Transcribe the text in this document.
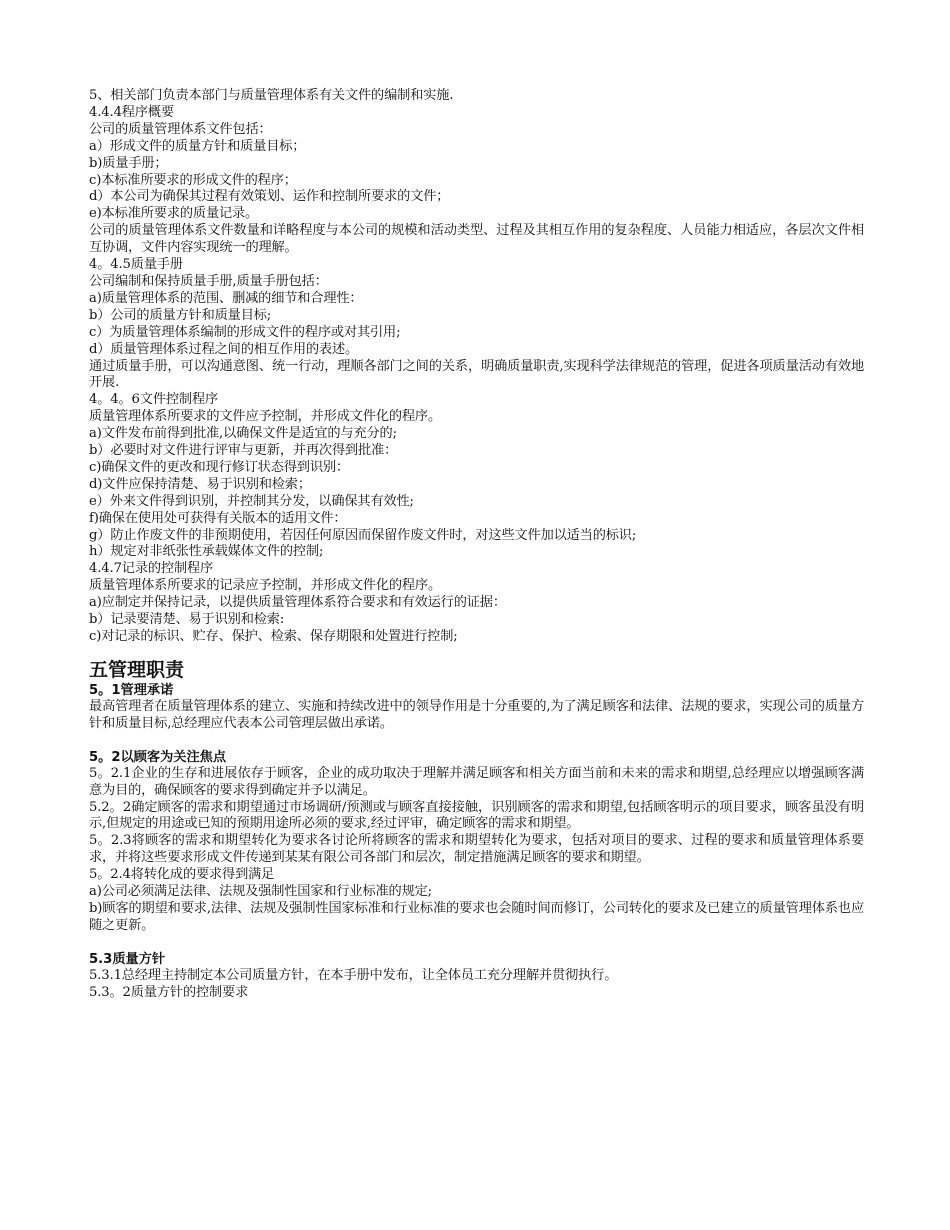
5、相关部门负责本部门与质量管理体系有关文件的编制和实施.
4.4.4程序概要
公司的质量管理体系文件包括：
a）形成文件的质量方针和质量目标；
b)质量手册；
c)本标准所要求的形成文件的程序；
d）本公司为确保其过程有效策划、运作和控制所要求的文件；
e)本标准所要求的质量记录。
公司的质量管理体系文件数量和详略程度与本公司的规模和活动类型、过程及其相互作用的复杂程度、人员能力相适应，各层次文件相互协调，文件内容实现统一的理解。
4。4.5质量手册
公司编制和保持质量手册,质量手册包括：
a)质量管理体系的范围、删减的细节和合理性：
b）公司的质量方针和质量目标;
c）为质量管理体系编制的形成文件的程序或对其引用;
d）质量管理体系过程之间的相互作用的表述。
通过质量手册，可以沟通意图、统一行动，理顺各部门之间的关系，明确质量职责,实现科学法律规范的管理，促进各项质量活动有效地开展.
4。4。6文件控制程序
质量管理体系所要求的文件应予控制，并形成文件化的程序。
a)文件发布前得到批准,以确保文件是适宜的与充分的;
b）必要时对文件进行评审与更新，并再次得到批准：
c)确保文件的更改和现行修订状态得到识别：
d)文件应保持清楚、易于识别和检索；
e）外来文件得到识别，并控制其分发，以确保其有效性;
f)确保在使用处可获得有关版本的适用文件：
g）防止作废文件的非预期使用，若因任何原因而保留作废文件时，对这些文件加以适当的标识;
h）规定对非纸张性承载媒体文件的控制;
4.4.7记录的控制程序
质量管理体系所要求的记录应予控制，并形成文件化的程序。
a)应制定并保持记录，以提供质量管理体系符合要求和有效运行的证据：
b）记录要清楚、易于识别和检索:
c)对记录的标识、贮存、保护、检索、保存期限和处置进行控制;
五管理职责
5。1管理承诺
最高管理者在质量管理体系的建立、实施和持续改进中的领导作用是十分重要的,为了满足顾客和法律、法规的要求，实现公司的质量方针和质量目标,总经理应代表本公司管理层做出承诺。
5。2以顾客为关注焦点
5。2.1企业的生存和进展依存于顾客，企业的成功取决于理解并满足顾客和相关方面当前和未来的需求和期望,总经理应以增强顾客满意为目的，确保顾客的要求得到确定并予以满足。
5.2。2确定顾客的需求和期望通过市场调研/预测或与顾客直接接触，识别顾客的需求和期望,包括顾客明示的项目要求，顾客虽没有明示,但规定的用途或已知的预期用途所必须的要求,经过评审，确定顾客的需求和期望。
5。2.3将顾客的需求和期望转化为要求各讨论所将顾客的需求和期望转化为要求，包括对项目的要求、过程的要求和质量管理体系要求，并将这些要求形成文件传递到某某有限公司各部门和层次，制定措施满足顾客的要求和期望。
5。2.4将转化成的要求得到满足
a)公司必须满足法律、法规及强制性国家和行业标准的规定;
b)顾客的期望和要求,法律、法规及强制性国家标准和行业标准的要求也会随时间而修订，公司转化的要求及已建立的质量管理体系也应随之更新。
5.3质量方针
5.3.1总经理主持制定本公司质量方针，在本手册中发布，让全体员工充分理解并贯彻执行。
5.3。2质量方针的控制要求
